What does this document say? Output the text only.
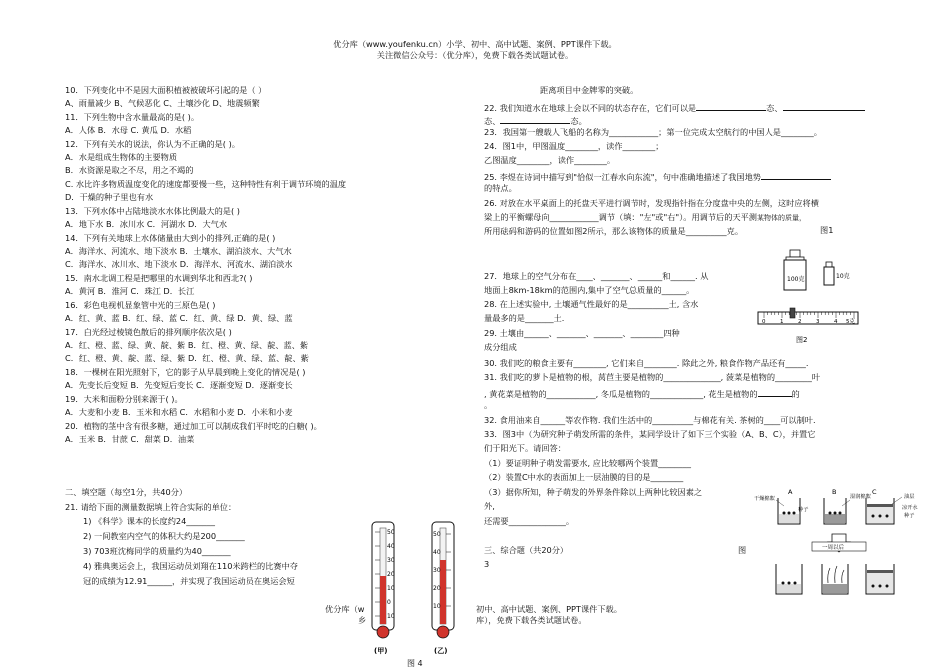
优分库（www.youfenku.cn）小学、初中、高中试题、案例、PPT课件下载。
关注微信公众号：（优分库），免费下载各类试题试卷。
10．下列变化中不是因大面积植被被破坏引起的是（ ）
A、雨量减少 B、气候恶化 C、土壤沙化 D、地震频繁
11．下列生物中含水量最高的是( )。
A．人体 B．水母 C. 黄瓜 D．水稻
12．下列有关水的说法，你认为不正确的是( )。
A．水是组成生物体的主要物质
B．水资源是取之不尽，用之不竭的
C. 水比许多物质温度变化的速度都要慢一些，这种特性有利于调节环境的温度
D．干燥的种子里也有水
13．下列水体中占陆地淡水水体比例最大的是( )
A．地下水 B．冰川水 C．河湖水 D．大气水
14．下列有关地球上水体储量由大到小的排列,正确的是( )
A．海洋水、河流水、地下淡水 B．土壤水、湖泊淡水、大气水
C．海洋水、冰川水、地下淡水 D．海洋水、河流水、湖泊淡水
15．南水北调工程是把哪里的水调到华北和西北?( )
A．黄河 B．淮河 C．珠江 D．长江
16．彩色电视机显象管中光的三原色是( )
A．红、黄、蓝 B．红、绿、蓝 C．红、黄、绿 D．黄、绿、蓝
17．白光经过棱镜色散后的排列顺序依次是( )
A．红、橙、蓝、绿、黄、靛、紫 B．红、橙、黄、绿、靛、蓝、紫
C．红、橙、黄、靛、蓝、绿、紫 D．红、橙、黄、绿、蓝、靛、紫
18．一棵树在阳光照射下，它的影子从早晨到晚上变化的情况是( )
A．先变长后变短 B．先变短后变长 C．逐渐变短 D．逐渐变长
19．大米和面粉分别来源于( )。
A．大麦和小麦 B．玉米和水稻 C．水稻和小麦 D．小米和小麦
20．植物的茎中含有很多糖，通过加工可以制成我们平时吃的白糖( )。
A．玉米 B．甘蔗 C．甜菜 D．油菜
二、填空题（每空1分，共40分）
21. 请给下面的测量数据填上符合实际的单位：
1) 《科学》课本的长度约24_______
2) 一间教室内空气的体积大约是200_______
3) 703班沈梅同学的质量约为40_______
4) 雅典奥运会上，我国运动员刘翔在110米跨栏的比赛中夺
冠的成绩为12.91______，并实现了我国运动员在奥运会短
50
40
30
20
10
0
10
(甲)
50
40
30
20
10
(乙)
图 4
距离项目中金牌零的突破。
22. 我们知道水在地球上会以不同的状态存在，它们可以是	态、
态、	态。
23．我国第一艘载人飞船的名称为____________；第一位完成太空航行的中国人是________。
24．图1中，甲图温度________，读作________；
乙图温度________，读作________。
25. 李煜在诗词中描写到"恰似一江春水向东流"，句中准确地描述了我国地势
的特点。
26. 对放在水平桌面上的托盘天平进行调节时，发现指针指在分度盘中央的左侧，这时应将横
梁上的平衡螺母向____________调节（填："左"或"右"）。用调节后的天平测某物体的质量，
所用砝码和游码的位置如图2所示，那么该物体的质量是__________克。	图1
27．地球上的空气分布在____、_______、______和______. 从
地面上8km-18km的范围内,集中了空气总质量的______。
28. 在上述实验中, 土壤通气性最好的是__________土, 含水
量最多的是_______土.
29. 土壤由______、_______、_______、________四种
成分组成
30. 我们吃的粮食主要有________, 它们来自________. 除此之外, 粮食作物产品还有_____.
31. 我们吃的萝卜是植物的根，莴苣主要是植物的______________, 菠菜是植物的_________叶
, 黄花菜是植物的____________, 冬瓜是植物的_____________, 花生是植物的	的
。
32. 食用油来自______等农作物. 我们生活中的__________与棉花有关. 茶树的____可以制叶.
33．图3中（为研究种子萌发所需的条件，某同学设计了如下三个实验（A、B、C），并置它
们于阳光下。请回答：
（1）要证明种子萌发需要水, 应比较哪两个装置________
（2）装置C中水的表面加上一层油膜的目的是________
（3）据你所知，种子萌发的外界条件除以上两种比较因素之
外,
还需要______________。
三、综合题（共20分）	图
3
100克	10克
0	1	2	3	4 5克
图2
A	B	C
干燥棉絮	湿润棉絮	油层
凉开水
种子
种子
一周以后
优分库（w	初中、高中试题、案例、PPT课件下载。
乡	库），免费下载各类试题试卷。
